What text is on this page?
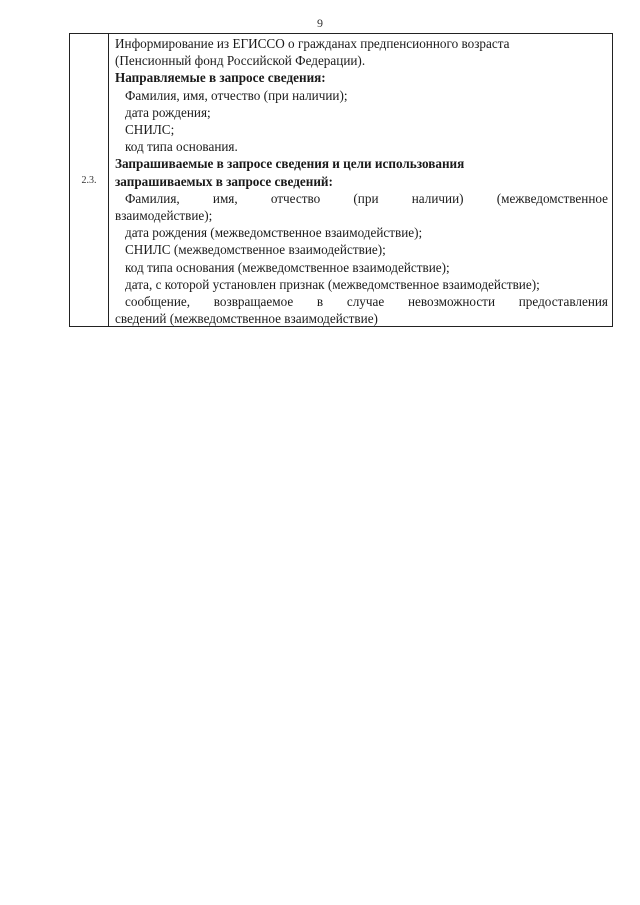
9
2.3.

Информирование из ЕГИССО о гражданах предпенсионного возраста

(Пенсионный фонд Российской Федерации).

Направляемые в запросе сведения:

Фамилия, имя, отчество (при наличии);

дата рождения;

СНИЛС;

код типа основания.

Запрашиваемые в запросе сведения и цели использования

запрашиваемых в запросе сведений:

Фамилия, имя, отчество (при наличии) (межведомственное

взаимодействие);

дата рождения (межведомственное взаимодействие);

СНИЛС (межведомственное взаимодействие);

код типа основания (межведомственное взаимодействие);

дата, с которой установлен признак (межведомственное взаимодействие);

сообщение, возвращаемое в случае невозможности предоставления

сведений (межведомственное взаимодействие)
